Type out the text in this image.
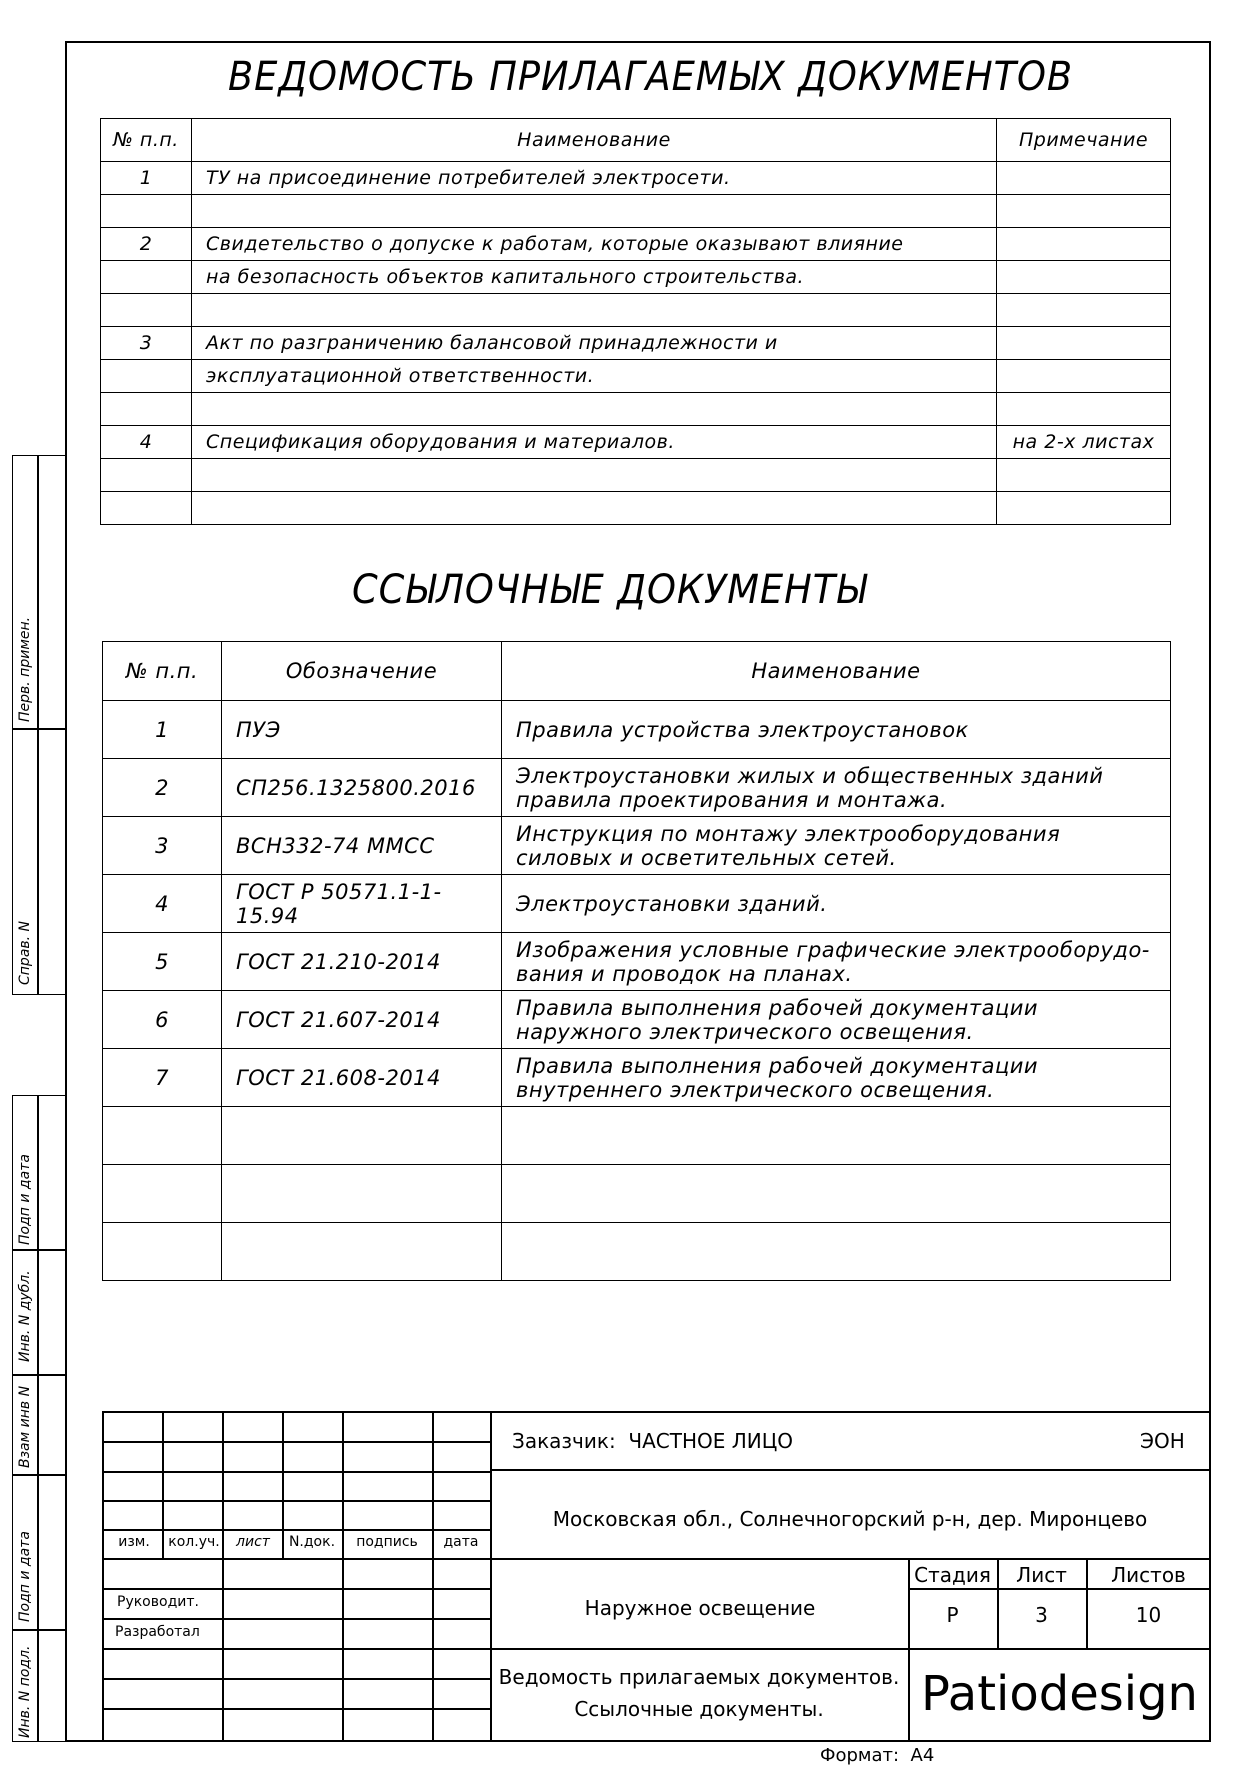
Перв. примен.
Справ. N
Подп и дата
Инв. N дубл.
Взам инв N
Подп и дата
Инв. N подл.
ВЕДОМОСТЬ ПРИЛАГАЕМЫХ ДОКУМЕНТОВ
№ п.п.	Наименование	Примечание
1	ТУ на присоединение потребителей электросети.	

2	Свидетельство о допуске к работам, которые оказывают влияние	
	на безопасность объектов капитального строительства.	

3	Акт по разграничению балансовой принадлежности и	
	эксплуатационной ответственности.	

4	Спецификация оборудования и материалов.	на 2-х листах

ССЫЛОЧНЫЕ ДОКУМЕНТЫ
№ п.п.	Обозначение	Наименование
1	ПУЭ	Правила устройства электроустановок

2	СП256.1325800.2016	Электроустановки жилых и общественных зданий
правила проектирования и монтажа.

3	ВСН332-74 ММСС	Инструкция по монтажу электрооборудования
силовых и осветительных сетей.

4	ГОСТ Р 50571.1-1-15.94	Электроустановки зданий.

5	ГОСТ 21.210-2014	Изображения условные графические электрооборудо-
вания и проводок на планах.

6	ГОСТ 21.607-2014	Правила выполнения рабочей документации
наружного электрического освещения.

7	ГОСТ 21.608-2014	Правила выполнения рабочей документации
внутреннего электрического освещения.

изм.	кол.уч.	лист	N.док.	подпись	дата
Руководит.
Разработал
Заказчик:  ЧАСТНОЕ ЛИЦО	ЭОН
Московская обл., Солнечногорский р-н, дер. Миронцево
Наружное освещение
Стадия	Лист	Листов
Р	3	10
Ведомость прилагаемых документов.
Ссылочные документы.	Patiodesign
Формат:  А4
